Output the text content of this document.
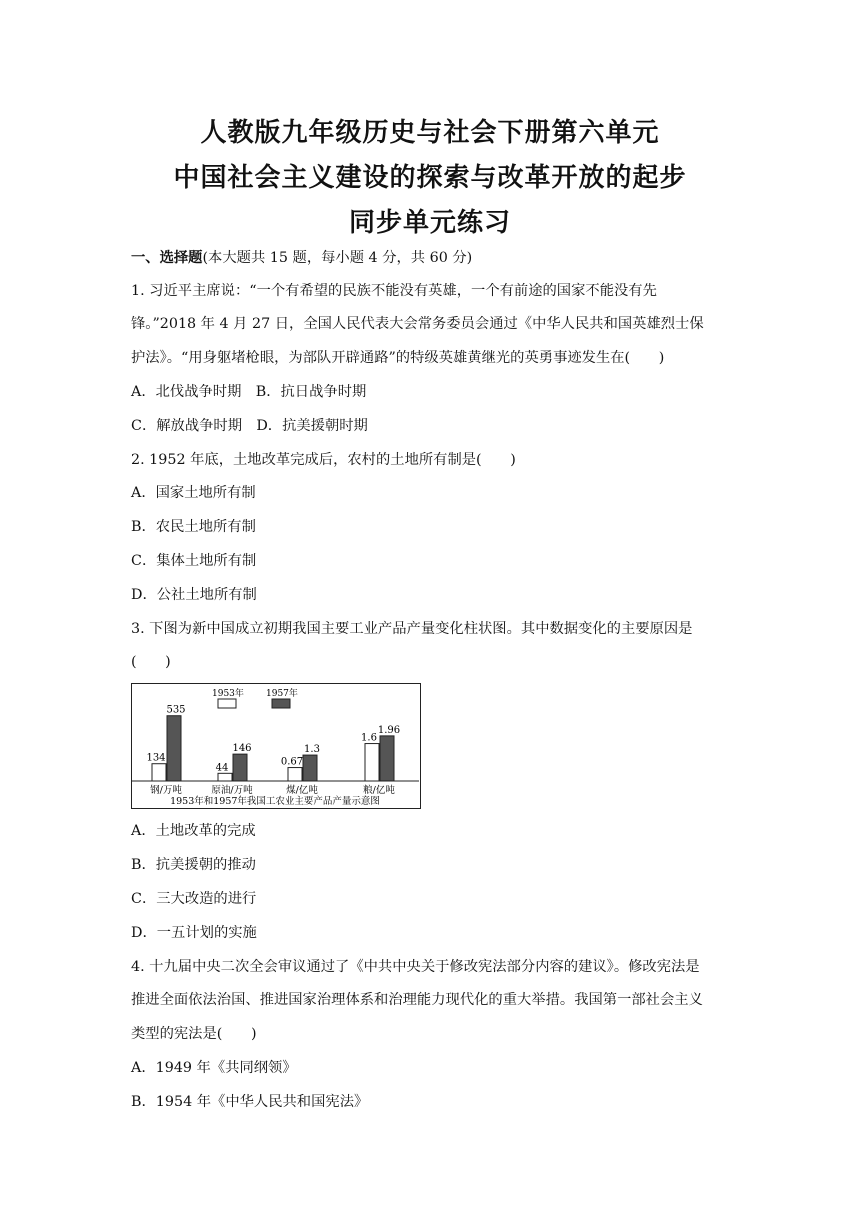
人教版九年级历史与社会下册第六单元
中国社会主义建设的探索与改革开放的起步
同步单元练习
一、选择题(本大题共 15 题，每小题 4 分，共 60 分)
1. 习近平主席说：“一个有希望的民族不能没有英雄，一个有前途的国家不能没有先
锋。”2018 年 4 月 27 日，全国人民代表大会常务委员会通过《中华人民共和国英雄烈士保
护法》。“用身躯堵枪眼，为部队开辟通路”的特级英雄黄继光的英勇事迹发生在(　　)
A．北伐战争时期　B．抗日战争时期
C．解放战争时期　D．抗美援朝时期
2. 1952 年底，土地改革完成后，农村的土地所有制是(　　)
A．国家土地所有制
B．农民土地所有制
C．集体土地所有制
D．公社土地所有制
3. 下图为新中国成立初期我国主要工业产品产量变化柱状图。其中数据变化的主要原因是
(　　)
1953年 1957年
134
535
钢/万吨
44
146
原油/万吨
0.67
1.3
煤/亿吨
1.6
1.96
粮/亿吨
1953年和1957年我国工农业主要产品产量示意图
A．土地改革的完成
B．抗美援朝的推动
C．三大改造的进行
D．一五计划的实施
4. 十九届中央二次全会审议通过了《中共中央关于修改宪法部分内容的建议》。修改宪法是
推进全面依法治国、推进国家治理体系和治理能力现代化的重大举措。我国第一部社会主义
类型的宪法是(　　)
A．1949 年《共同纲领》
B．1954 年《中华人民共和国宪法》
